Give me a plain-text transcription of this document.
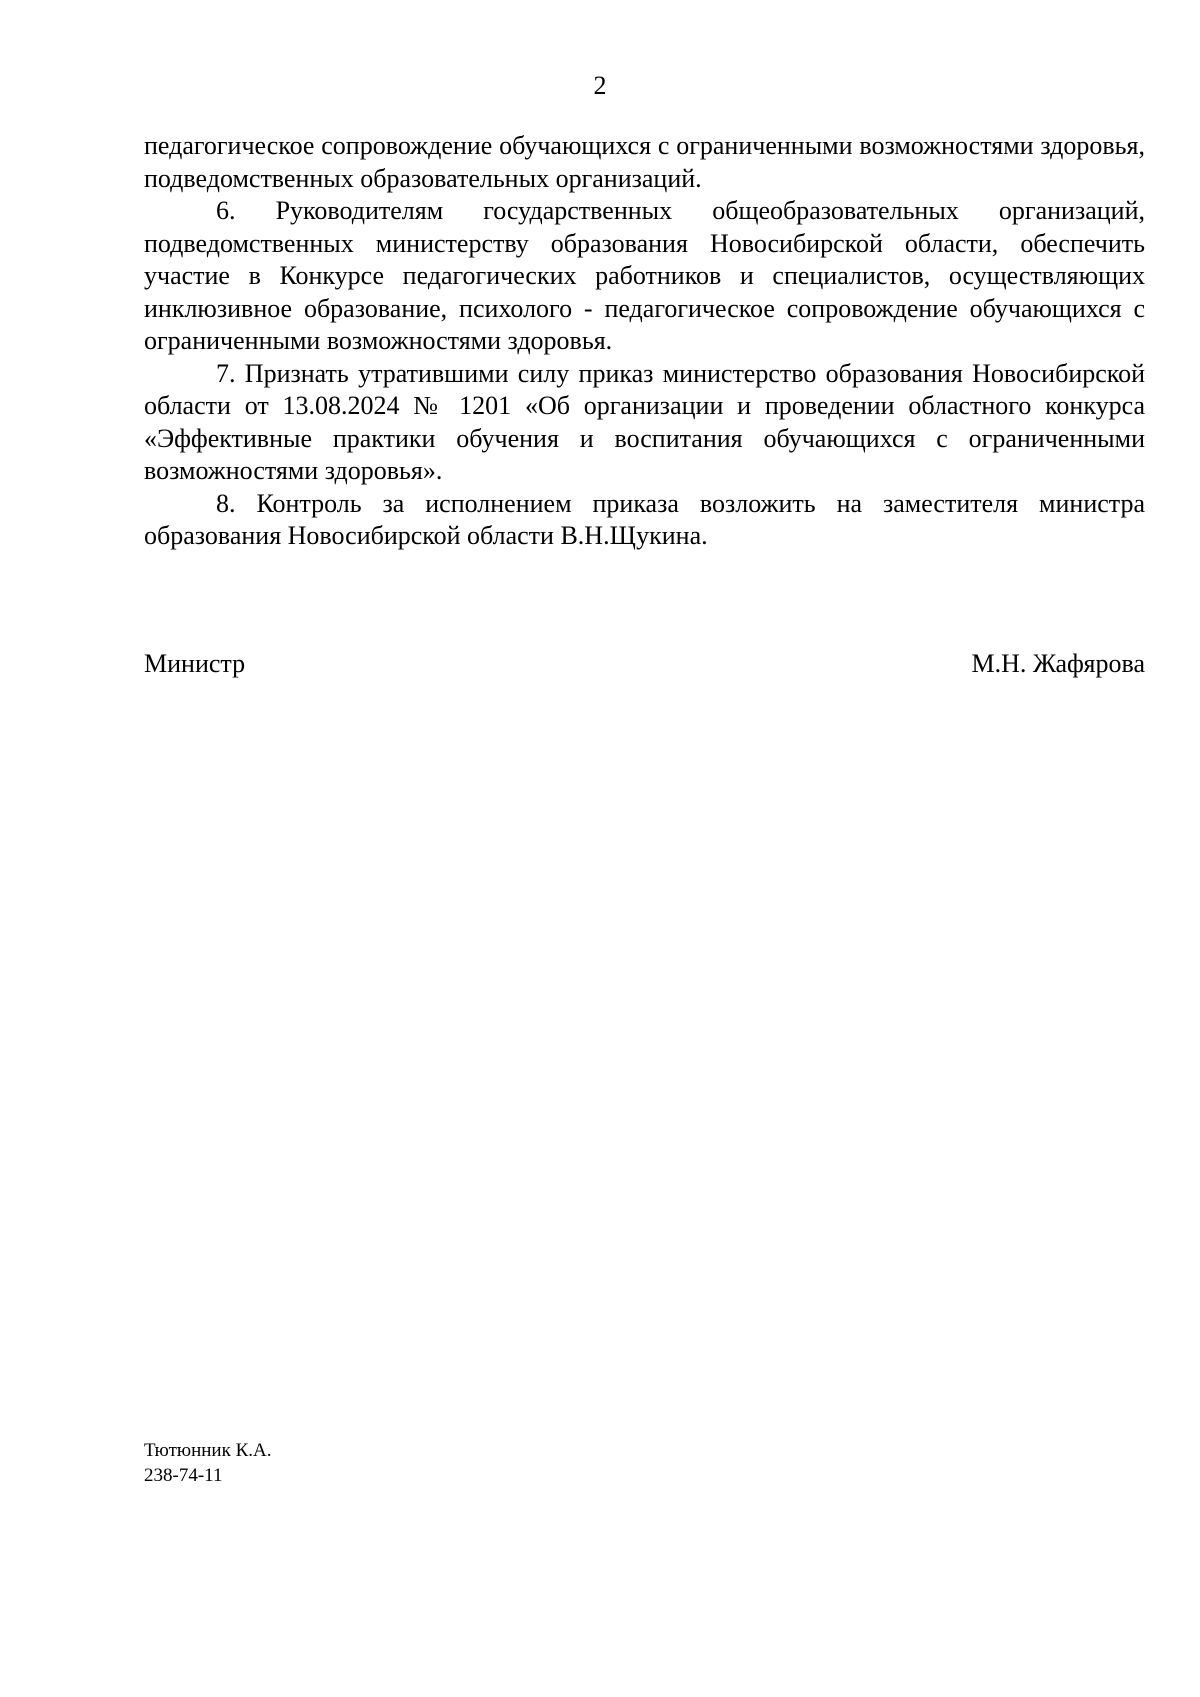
2

педагогическое сопровождение обучающихся с ограниченными возможностями здоровья, подведомственных образовательных организаций.

6. Руководителям государственных общеобразовательных организаций, подведомственных министерству образования Новосибирской области, обеспечить участие в Конкурсе педагогических работников и специалистов, осуществляющих инклюзивное образование, психолого - педагогическое сопровождение обучающихся с ограниченными возможностями здоровья.

7. Признать утратившими силу приказ министерство образования Новосибирской области от 13.08.2024 № 1201 «Об организации и проведении областного конкурса «Эффективные практики обучения и воспитания обучающихся с ограниченными возможностями здоровья».

8. Контроль за исполнением приказа возложить на заместителя министра образования Новосибирской области В.Н.Щукина.

Министр	М.Н. Жафярова
Тютюнник К.А.
238-74-11
